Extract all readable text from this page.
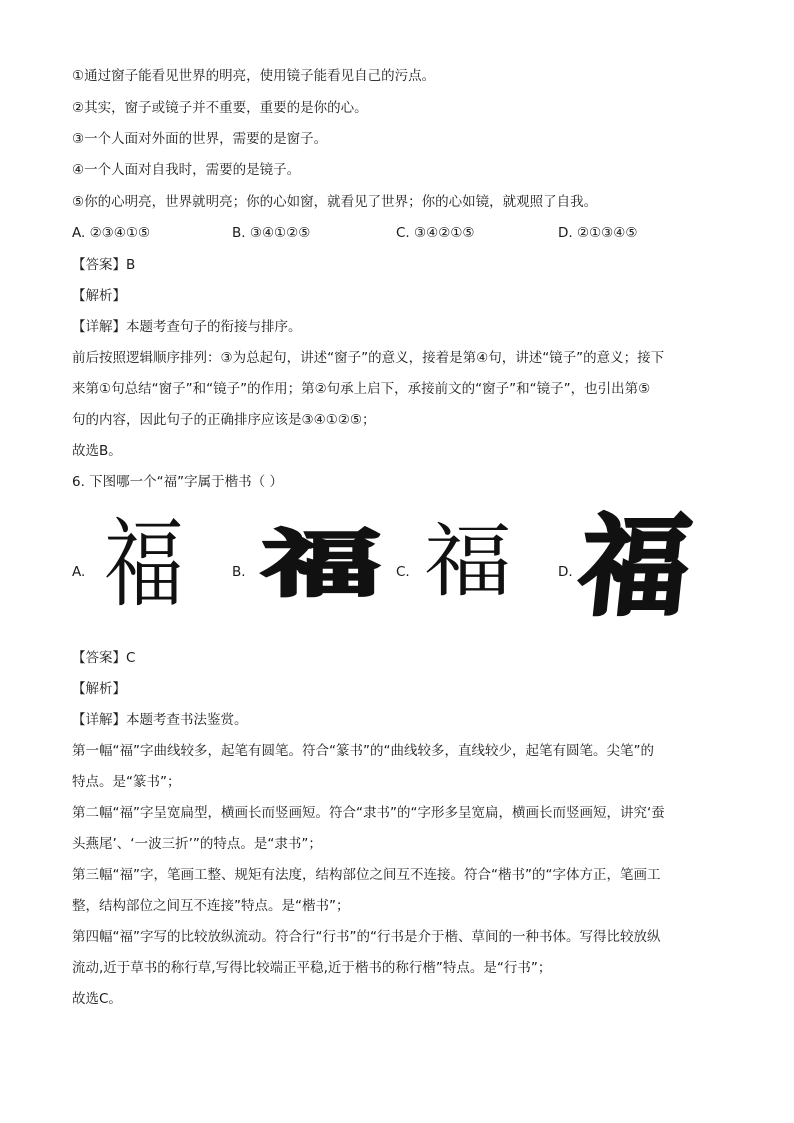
①通过窗子能看见世界的明亮，使用镜子能看见自己的污点。
②其实，窗子或镜子并不重要，重要的是你的心。
③一个人面对外面的世界，需要的是窗子。
④一个人面对自我时，需要的是镜子。
⑤你的心明亮，世界就明亮；你的心如窗，就看见了世界；你的心如镜，就观照了自我。
A. ②③④①⑤	B. ③④①②⑤	C. ③④②①⑤	D. ②①③④⑤
【答案】B
【解析】
【详解】本题考查句子的衔接与排序。
前后按照逻辑顺序排列：③为总起句，讲述“窗子”的意义，接着是第④句，讲述“镜子”的意义；接下
来第①句总结“窗子”和“镜子”的作用；第②句承上启下，承接前文的“窗子”和“镜子”，也引出第⑤
句的内容，因此句子的正确排序应该是③④①②⑤；
故选B。
6. 下图哪一个“福”字属于楷书（ ）
A.	B.	C.	D.
福 福 福 福
【答案】C
【解析】
【详解】本题考查书法鉴赏。
第一幅“福”字曲线较多，起笔有圆笔。符合“篆书”的“曲线较多，直线较少，起笔有圆笔。尖笔”的
特点。是“篆书”；
第二幅“福”字呈宽扁型，横画长而竖画短。符合“隶书”的“字形多呈宽扁，横画长而竖画短，讲究‘蚕
头燕尾’、‘一波三折’”的特点。是“隶书”；
第三幅“福”字，笔画工整、规矩有法度，结构部位之间互不连接。符合“楷书”的“字体方正，笔画工
整，结构部位之间互不连接”特点。是“楷书”；
第四幅“福”字写的比较放纵流动。符合行“行书”的“行书是介于楷、草间的一种书体。写得比较放纵
流动,近于草书的称行草,写得比较端正平稳,近于楷书的称行楷”特点。是“行书”；
故选C。
